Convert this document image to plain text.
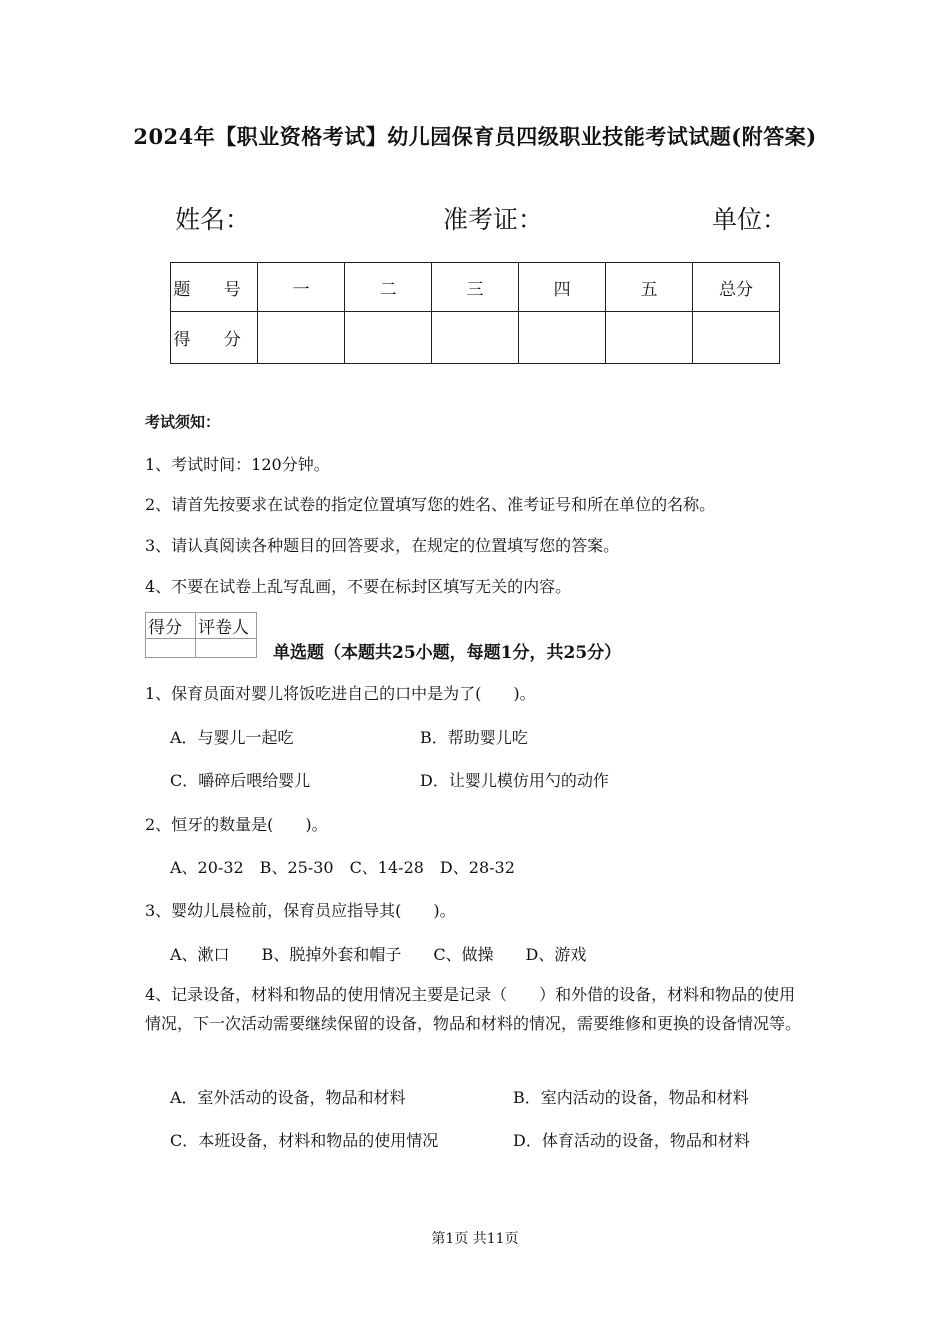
2024年【职业资格考试】幼儿园保育员四级职业技能考试试题(附答案)
姓名：	准考证：	单位：
题 号	一	二	三	四	五	总分
得 分						
考试须知：
1、考试时间：120分钟。
2、请首先按要求在试卷的指定位置填写您的姓名、准考证号和所在单位的名称。
3、请认真阅读各种题目的回答要求，在规定的位置填写您的答案。
4、不要在试卷上乱写乱画，不要在标封区填写无关的内容。
得分	评卷人

单选题（本题共25小题，每题1分，共25分）
1、保育员面对婴儿将饭吃进自己的口中是为了(　　)。
A．与婴儿一起吃	B．帮助婴儿吃
C．嚼碎后喂给婴儿	D．让婴儿模仿用勺的动作
2、恒牙的数量是(　　)。
A、20-32　B、25-30　C、14-28　D、28-32
3、婴幼儿晨检前，保育员应指导其(　　)。
A、漱口　　B、脱掉外套和帽子　　C、做操　　D、游戏
4、记录设备，材料和物品的使用情况主要是记录（　　）和外借的设备，材料和物品的使用情况，下一次活动需要继续保留的设备，物品和材料的情况，需要维修和更换的设备情况等。
A．室外活动的设备，物品和材料	B．室内活动的设备，物品和材料
C．本班设备，材料和物品的使用情况	D．体育活动的设备，物品和材料
第1页 共11页
